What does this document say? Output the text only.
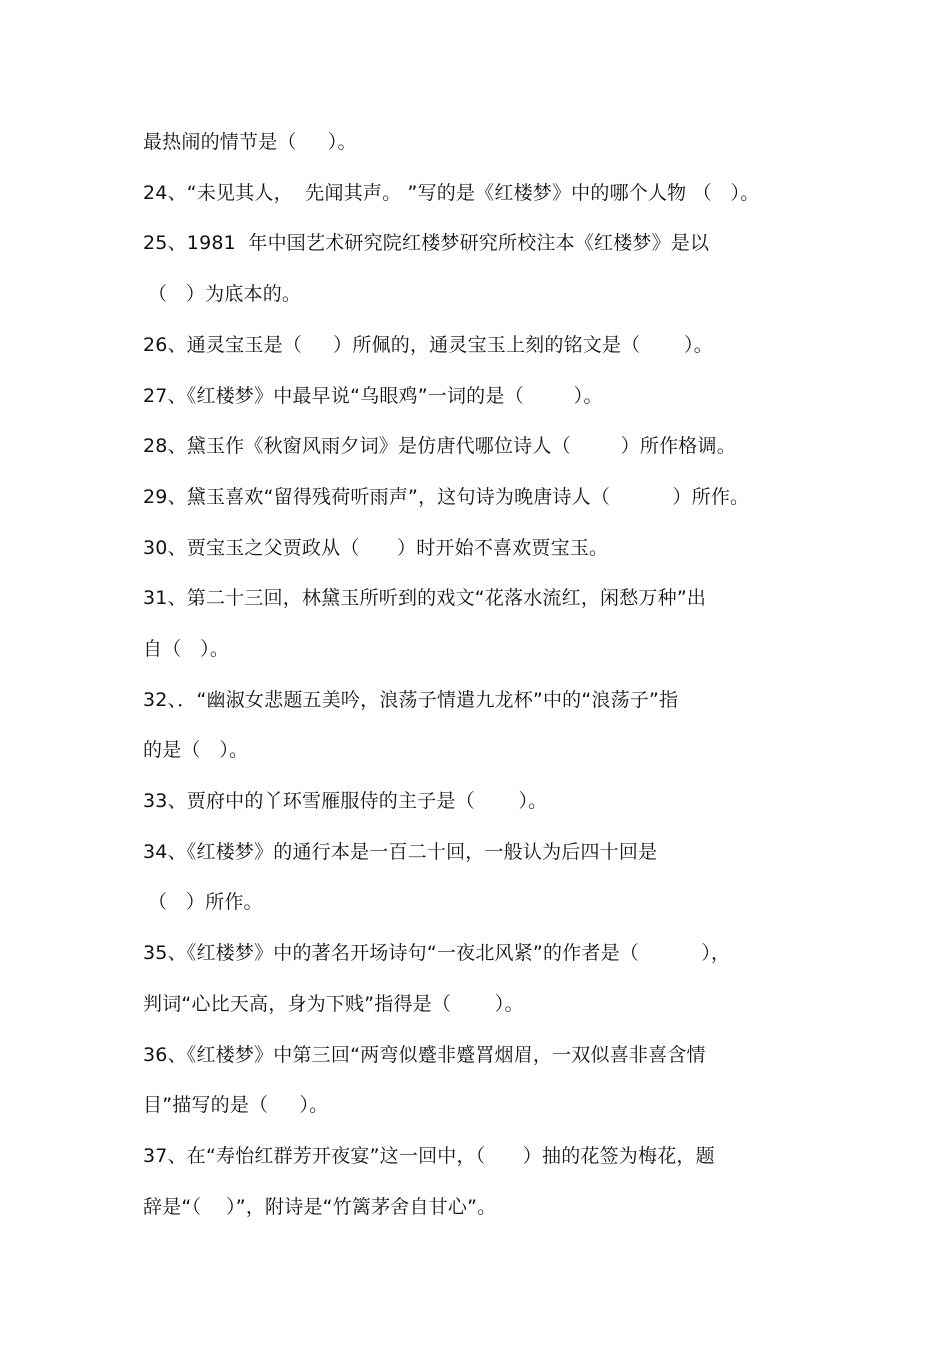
最热闹的情节是（     ）。
24、“未见其人，  先闻其声。 ”写的是《红楼梦》中的哪个人物 （   ）。
25、1981  年中国艺术研究院红楼梦研究所校注本《红楼梦》是以
（   ）为底本的。
26、通灵宝玉是（     ）所佩的，通灵宝玉上刻的铭文是（       ）。
27、《红楼梦》中最早说“乌眼鸡”一词的是（        ）。
28、黛玉作《秋窗风雨夕词》是仿唐代哪位诗人（        ）所作格调。
29、黛玉喜欢“留得残荷听雨声”，这句诗为晚唐诗人（          ）所作。
30、贾宝玉之父贾政从（      ）时开始不喜欢贾宝玉。
31、第二十三回，林黛玉所听到的戏文“花落水流红，闲愁万种”出
自（   ）。
32、．“幽淑女悲题五美吟，浪荡子情遣九龙杯”中的“浪荡子”指
的是（   ）。
33、贾府中的丫环雪雁服侍的主子是（       ）。
34、《红楼梦》的通行本是一百二十回，一般认为后四十回是
（   ）所作。
35、《红楼梦》中的著名开场诗句“一夜北风紧”的作者是（          ），
判词“心比天高，身为下贱”指得是（       ）。
36、《红楼梦》中第三回“两弯似蹙非蹙罥烟眉，一双似喜非喜含情
目”描写的是（     ）。
37、在“寿怡红群芳开夜宴”这一回中，（      ）抽的花签为梅花，题
辞是“（    ）”，附诗是“竹篱茅舍自甘心”。
